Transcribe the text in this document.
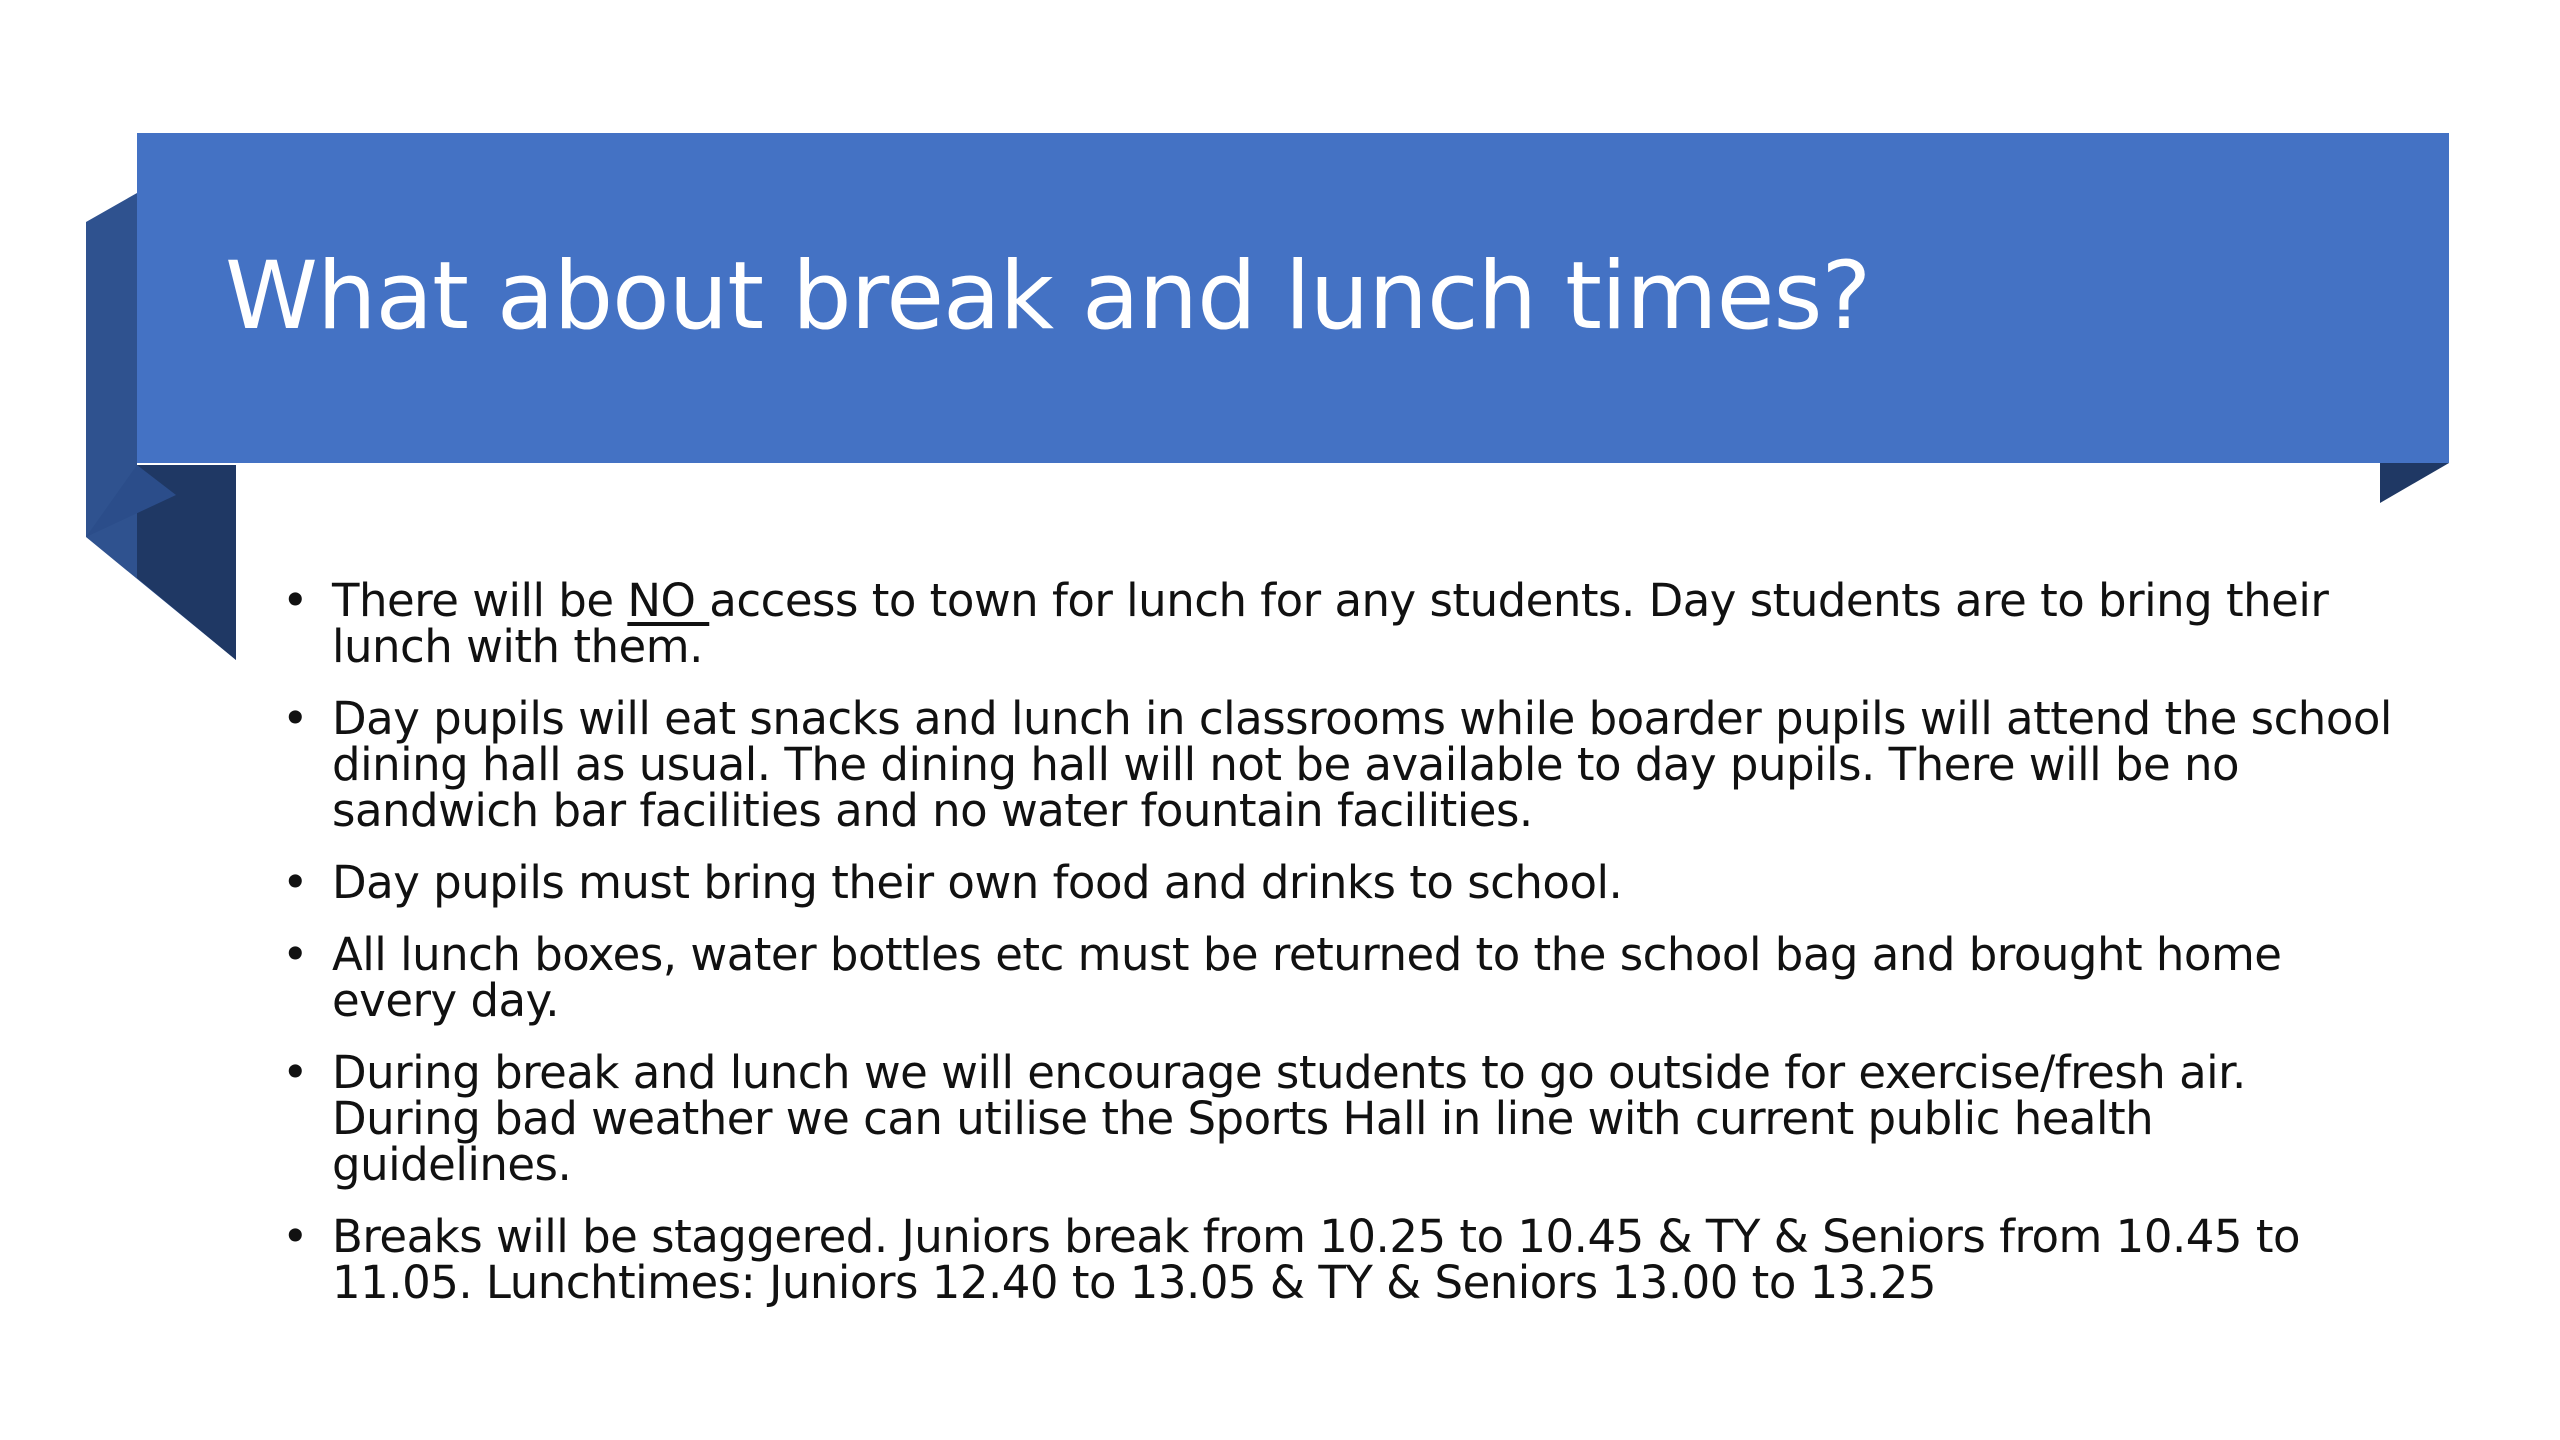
What about break and lunch times?
• There will be NO access to town for lunch for any students. Day students are to bring their lunch with them.
• Day pupils will eat snacks and lunch in classrooms while boarder pupils will attend the school dining hall as usual. The dining hall will not be available to day pupils. There will be no sandwich bar facilities and no water fountain facilities.
• Day pupils must bring their own food and drinks to school.
• All lunch boxes, water bottles etc must be returned to the school bag and brought home every day.
• During break and lunch we will encourage students to go outside for exercise/fresh air. During bad weather we can utilise the Sports Hall in line with current public health guidelines.
• Breaks will be staggered. Juniors break from 10.25 to 10.45 & TY & Seniors from 10.45 to 11.05. Lunchtimes: Juniors 12.40 to 13.05 & TY & Seniors 13.00 to 13.25
